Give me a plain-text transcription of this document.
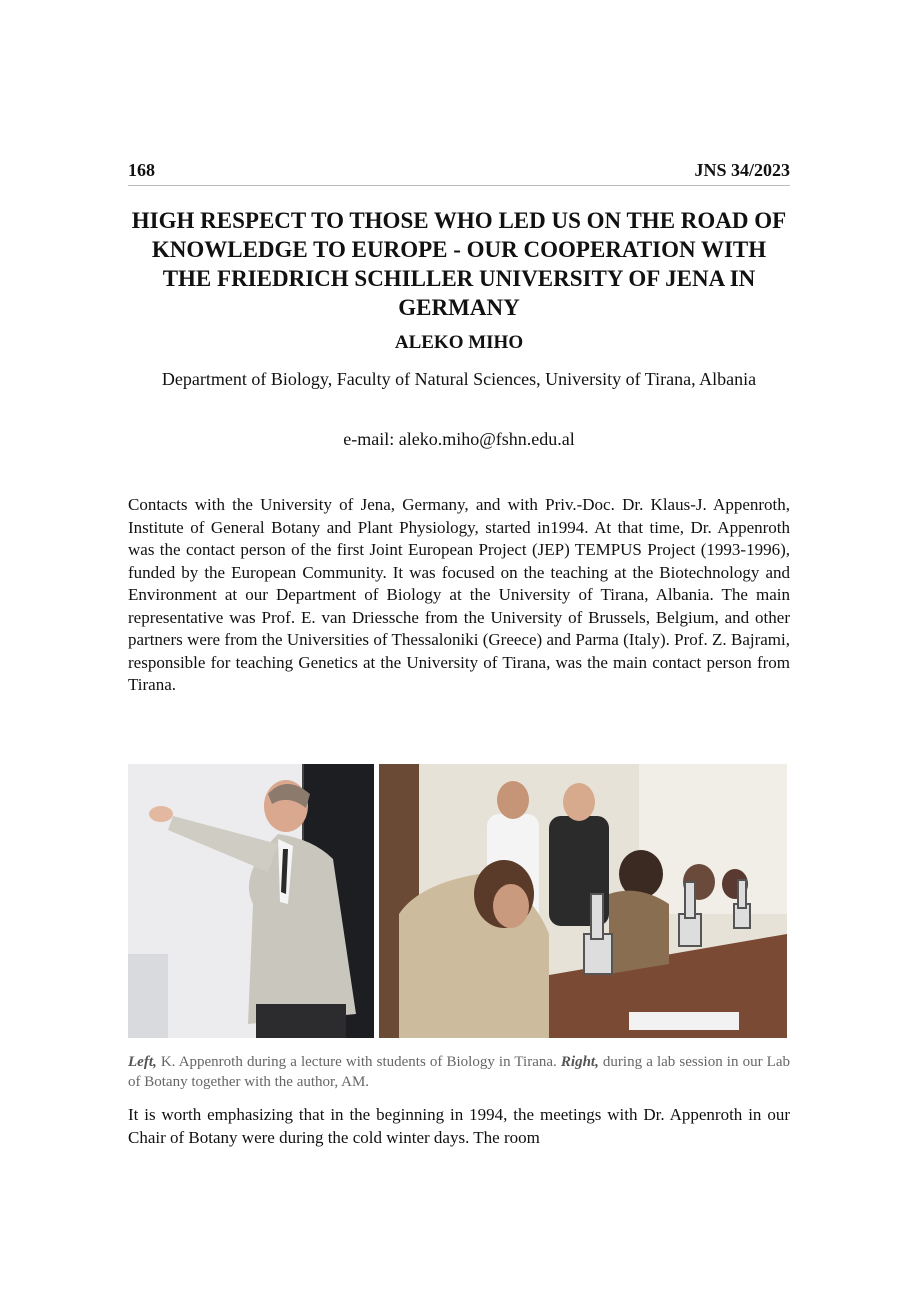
168	JNS 34/2023
HIGH RESPECT TO THOSE WHO LED US ON THE ROAD OF KNOWLEDGE TO EUROPE - OUR COOPERATION WITH THE FRIEDRICH SCHILLER UNIVERSITY OF JENA IN GERMANY
ALEKO MIHO
Department of Biology, Faculty of Natural Sciences, University of Tirana, Albania
e-mail: aleko.miho@fshn.edu.al

Contacts with the University of Jena, Germany, and with Priv.-Doc. Dr. Klaus-J. Appenroth, Institute of General Botany and Plant Physiology, started in1994. At that time, Dr. Appenroth was the contact person of the first Joint European Project (JEP) TEMPUS Project (1993-1996), funded by the European Community. It was focused on the teaching at the Biotechnology and Environment at our Department of Biology at the University of Tirana, Albania. The main representative was Prof. E. van Driessche from the University of Brussels, Belgium, and other partners were from the Universities of Thessaloniki (Greece) and Parma (Italy). Prof. Z. Bajrami, responsible for teaching Genetics at the University of Tirana, was the main contact person from Tirana.

Left, K. Appenroth during a lecture with students of Biology in Tirana. Right, during a lab session in our Lab of Botany together with the author, AM.

It is worth emphasizing that in the beginning in 1994, the meetings with Dr. Appenroth in our Chair of Botany were during the cold winter days. The room
